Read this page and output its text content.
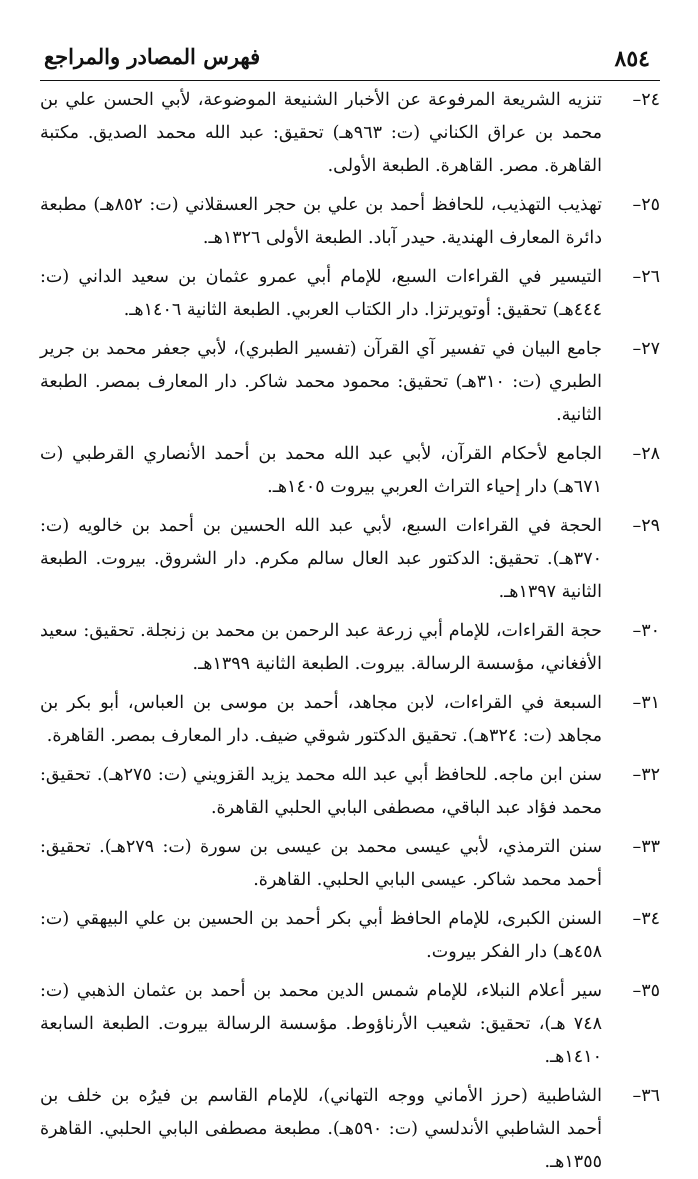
٨٥٤
فهرس المصادر والمراجع
٢٤–
تنزيه الشريعة المرفوعة عن الأخبار الشنيعة الموضوعة، لأبي الحسن علي بن محمد بن عراق الكناني (ت: ٩٦٣هـ) تحقيق: عبد الله محمد الصديق. مكتبة القاهرة. مصر. القاهرة. الطبعة الأولى.
٢٥–
تهذيب التهذيب، للحافظ أحمد بن علي بن حجر العسقلاني (ت: ٨٥٢هـ) مطبعة دائرة المعارف الهندية. حيدر آباد. الطبعة الأولى ١٣٢٦هـ.
٢٦–
التيسير في القراءات السبع، للإمام أبي عمرو عثمان بن سعيد الداني (ت: ٤٤٤هـ) تحقيق: أوتويرتزا. دار الكتاب العربي. الطبعة الثانية ١٤٠٦هـ.
٢٧–
جامع البيان في تفسير آي القرآن (تفسير الطبري)، لأبي جعفر محمد بن جرير الطبري (ت: ٣١٠هـ) تحقيق: محمود محمد شاكر. دار المعارف بمصر. الطبعة الثانية.
٢٨–
الجامع لأحكام القرآن، لأبي عبد الله محمد بن أحمد الأنصاري القرطبي (ت ٦٧١هـ) دار إحياء التراث العربي بيروت ١٤٠٥هـ.
٢٩–
الحجة في القراءات السبع، لأبي عبد الله الحسين بن أحمد بن خالويه (ت: ٣٧٠هـ). تحقيق: الدكتور عبد العال سالم مكرم. دار الشروق. بيروت. الطبعة الثانية ١٣٩٧هـ.
٣٠–
حجة القراءات، للإمام أبي زرعة عبد الرحمن بن محمد بن زنجلة. تحقيق: سعيد الأفغاني، مؤسسة الرسالة. بيروت. الطبعة الثانية ١٣٩٩هـ.
٣١–
السبعة في القراءات، لابن مجاهد، أحمد بن موسى بن العباس، أبو بكر بن مجاهد (ت: ٣٢٤هـ). تحقيق الدكتور شوقي ضيف. دار المعارف بمصر. القاهرة.
٣٢–
سنن ابن ماجه. للحافظ أبي عبد الله محمد يزيد القزويني (ت: ٢٧٥هـ). تحقيق: محمد فؤاد عبد الباقي، مصطفى البابي الحلبي القاهرة.
٣٣–
سنن الترمذي، لأبي عيسى محمد بن عيسى بن سورة (ت: ٢٧٩هـ). تحقيق: أحمد محمد شاكر. عيسى البابي الحلبي. القاهرة.
٣٤–
السنن الكبرى، للإمام الحافظ أبي بكر أحمد بن الحسين بن علي البيهقي (ت: ٤٥٨هـ) دار الفكر بيروت.
٣٥–
سير أعلام النبلاء، للإمام شمس الدين محمد بن أحمد بن عثمان الذهبي (ت: ٧٤٨ هـ)، تحقيق: شعيب الأرناؤوط. مؤسسة الرسالة بيروت. الطبعة السابعة ١٤١٠هـ.
٣٦–
الشاطبية (حرز الأماني ووجه التهاني)، للإمام القاسم بن فيرُه بن خلف بن أحمد الشاطبي الأندلسي (ت: ٥٩٠هـ). مطبعة مصطفى البابي الحلبي. القاهرة ١٣٥٥هـ.
